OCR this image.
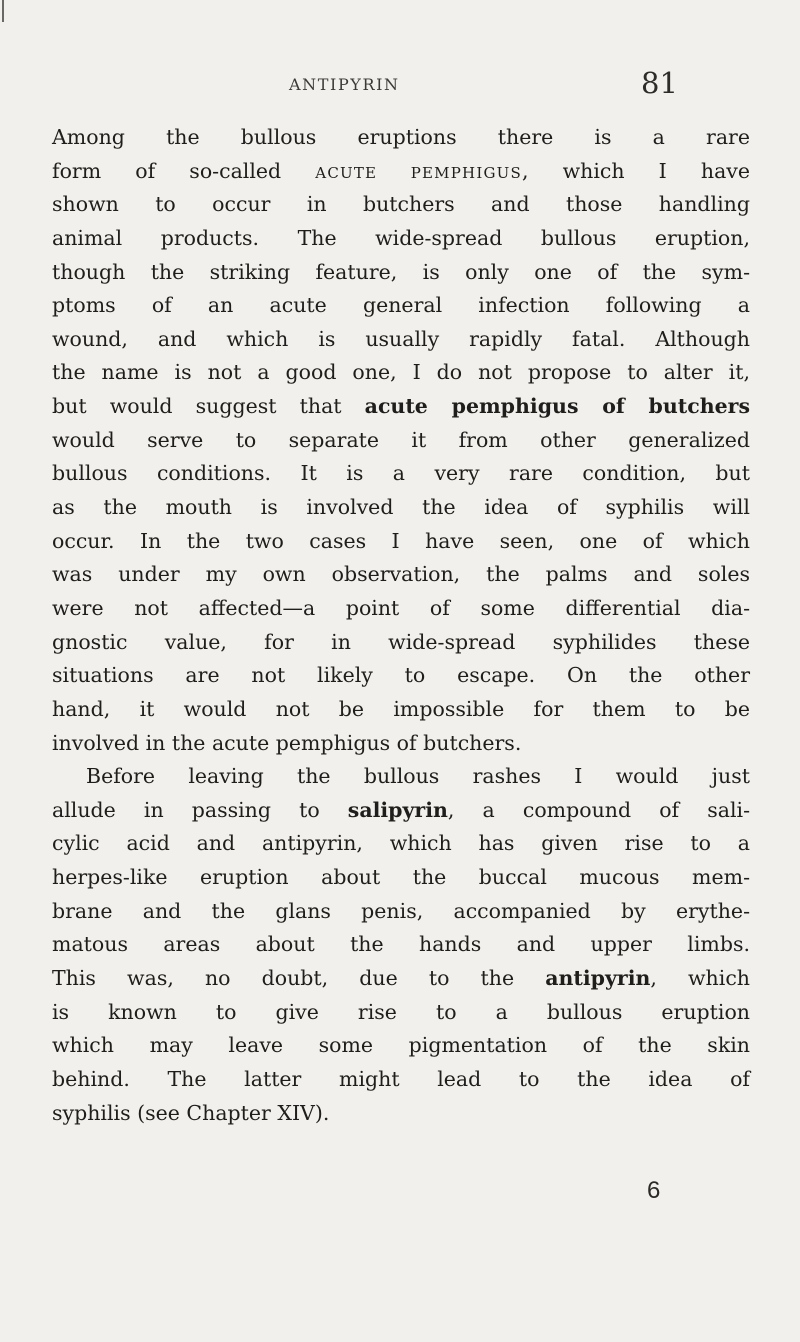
ANTIPYRIN	81
Among the bullous eruptions there is a rare
form of so-called ACUTE PEMPHIGUS, which I have
shown to occur in butchers and those handling
animal products. The wide-spread bullous eruption,
though the striking feature, is only one of the sym-
ptoms of an acute general infection following a
wound, and which is usually rapidly fatal. Although
the name is not a good one, I do not propose to alter it,
but would suggest that acute pemphigus of butchers
would serve to separate it from other generalized
bullous conditions. It is a very rare condition, but
as the mouth is involved the idea of syphilis will
occur. In the two cases I have seen, one of which
was under my own observation, the palms and soles
were not affected—a point of some differential dia-
gnostic value, for in wide-spread syphilides these
situations are not likely to escape. On the other
hand, it would not be impossible for them to be
involved in the acute pemphigus of butchers.
Before leaving the bullous rashes I would just
allude in passing to salipyrin, a compound of sali-
cylic acid and antipyrin, which has given rise to a
herpes-like eruption about the buccal mucous mem-
brane and the glans penis, accompanied by erythe-
matous areas about the hands and upper limbs.
This was, no doubt, due to the antipyrin, which
is known to give rise to a bullous eruption
which may leave some pigmentation of the skin
behind. The latter might lead to the idea of
syphilis (see Chapter XIV).
6
